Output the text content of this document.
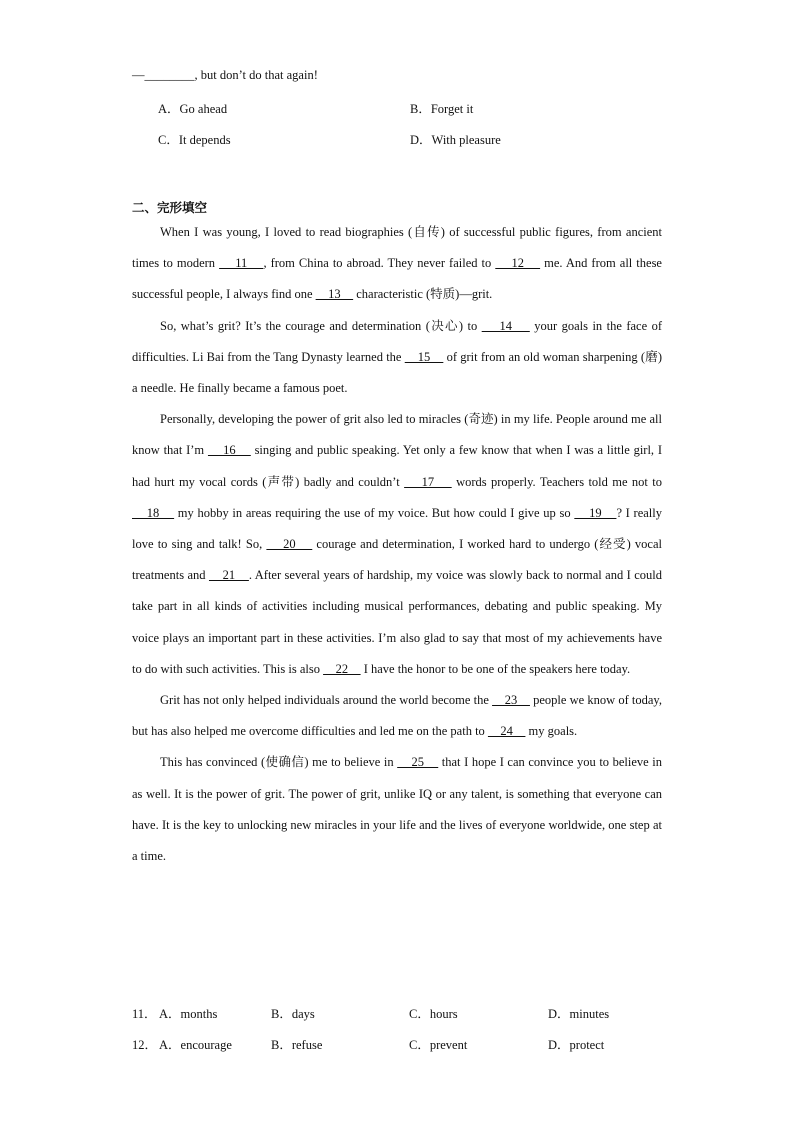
—________, but don’t do that again!
A．Go ahead	B．Forget it
C．It depends	D．With pleasure
二、完形填空

When I was young, I loved to read biographies (自传) of successful public figures, from ancient times to modern     11    , from China to abroad. They never failed to     12     me. And from all these successful people, I always find one     13     characteristic (特质)—grit.

So, what’s grit? It’s the courage and determination (决心) to     14     your goals in the face of difficulties. Li Bai from the Tang Dynasty learned the     15     of grit from an old woman sharpening (磨) a needle. He finally became a famous poet.

Personally, developing the power of grit also led to miracles (奇迹) in my life. People around me all know that I’m     16     singing and public speaking. Yet only a few know that when I was a little girl, I had hurt my vocal cords (声带) badly and couldn’t     17     words properly. Teachers told me not to     18     my hobby in areas requiring the use of my voice. But how could I give up so     19    ? I really love to sing and talk! So,     20     courage and determination, I worked hard to undergo (经受) vocal treatments and     21    . After several years of hardship, my voice was slowly back to normal and I could take part in all kinds of activities including musical performances, debating and public speaking. My voice plays an important part in these activities. I’m also glad to say that most of my achievements have to do with such activities. This is also     22     I have the honor to be one of the speakers here today.

Grit has not only helped individuals around the world become the     23     people we know of today, but has also helped me overcome difficulties and led me on the path to     24     my goals.

This has convinced (使确信) me to believe in     25     that I hope I can convince you to believe in as well. It is the power of grit. The power of grit, unlike IQ or any talent, is something that everyone can have. It is the key to unlocking new miracles in your life and the lives of everyone worldwide, one step at a time.

11． A．months	B．days	C．hours	D．minutes
12． A．encourage	B．refuse	C．prevent	D．protect
